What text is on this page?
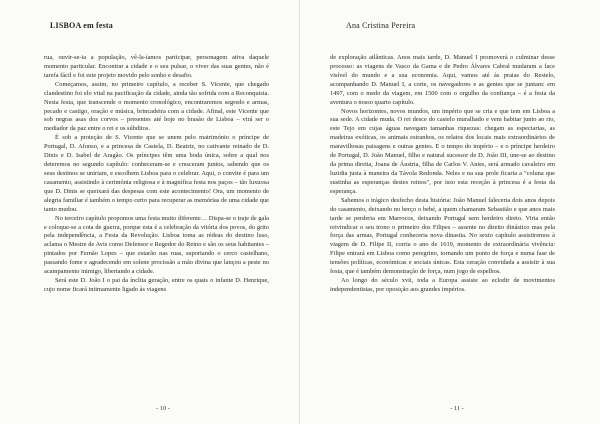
LISBOA em festa

rua, ouvir-se-ia a população, vê-la-íamos participar, personagem ativa daquele momento particular. Encontrar a cidade e o seu pulsar, o viver das suas gentes, não é tarefa fácil e foi este projeto movido pelo sonho e desafio.

Começamos, assim, no primeiro capítulo, a receber S. Vicente, que chegado clandestino foi elo vital na pacificação da cidade, ainda tão sofrida com a Reconquista. Nesta festa, que transcende o momento cronológico, encontraremos segredo e armas, pecado e castigo, oração e música, brincadeira com a cidade. Afinal, este Vicente que sob negras asas dos corvos – presentes até hoje no brasão de Lisboa – virá ser o mediador da paz entre o rei e os súbditos.

É sob a proteção de S. Vicente que se unem pelo matrimónio o príncipe de Portugal, D. Afonso, e a princesa de Castela, D. Beatriz, no cativante reinado de D. Dinis e D. Isabel de Aragão. Os príncipes têm uma boda única, sobre a qual nos deteremos no segundo capítulo: conheceram-se e cresceram juntos, sabendo que os seus destinos se uniriam, e escolhem Lisboa para o celebrar. Aqui, o convite é para um casamento, assistindo à cerimónia religiosa e à magnífica festa nos paços – tão luxuosa que D. Dinis se queixará das despesas com este acontecimento! Ora, um momento de alegria familiar é também o tempo certo para recuperar as memórias de uma cidade que tanto mudou.

No terceiro capítulo propomos uma festa muito diferente… Dispa-se o traje de gala e coloque-se a cota de guerra, porque esta é a celebração da vitória dos povos, do grito pela independência, a Festa da Revolução. Lisboa toma as rédeas do destino luso, aclama o Mestre de Avis como Defensor e Regedor do Reino e são os seus habitantes – pintados por Fernão Lopes – que estarão nas ruas, suportando o cerco castelhano, passando fome e agradecendo em solene procissão a mão divina que lançou a peste no acampamento inimigo, libertando a cidade.

Será este D. João I o pai da ínclita geração, entre os quais o infante D. Henrique, cujo nome ficará intimamente ligado às viagens

- 10 -
Ana Cristina Pereira

de exploração atlânticas. Anos mais tarde, D. Manuel I promoverá o culminar desse processo: as viagens de Vasco da Gama e de Pedro Álvares Cabral mudaram a face visível do mundo e a sua economia. Aqui, vamos até às praias do Restelo, acompanhando D. Manuel I, a corte, os navegadores e as gentes que se juntam: em 1497, com o medo da viagem, em 1500 com o orgulho da confiança – é a festa da aventura o nosso quarto capítulo.

Novos horizontes, novos mundos, um império que se cria e que tem em Lisboa a sua sede. A cidade muda. O rei desce do castelo muralhado e vem habitar junto ao rio, este Tejo em cujas águas navegam tamanhas riquezas: chegam as especiarias, as madeiras exóticas, os animais estranhos, os relatos dos locais mais extraordinários de maravilhosas paisagens e outras gentes. E o tempo do império – e o príncipe herdeiro de Portugal, D. João Manuel, filho e natural sucessor de D. João III, une-se ao destino da prima direita, Joana de Áustria, filha de Carlos V. Antes, será armado cavaleiro em luzidia justa à maneira da Távola Redonda. Neles e na sua prole ficaria a "coluna que sustinha as esperanças destes reinos", por isso esta receção à princesa é a festa da esperança.

Sabemos o trágico desfecho desta história: João Manuel faleceria dois anos depois do casamento, deixando no berço o bebé, a quem chamaram Sebastião e que anos mais tarde se perderia em Marrocos, deixando Portugal sem herdeiro direto. Viria então reivindicar o seu trono o primeiro dos Filipes – assente no direito dinástico mas pela força das armas, Portugal conheceria nova dinastia. No sexto capítulo assistiremos à viagem de D. Filipe II, corria o ano de 1619, momento de extraordinária vivência: Filipe entrará em Lisboa como peregrino, tornando um ponto de força e numa fase de tensões políticas, económicas e sociais únicas. Esta ceração convidada a assistir à sua festa, que é também demonstração de força, num jogo de espelhos.

Ao longo do século xvii, toda a Europa assiste ao eclodir de movimentos independentistas, por oposição aos grandes impérios.

- 11 -
